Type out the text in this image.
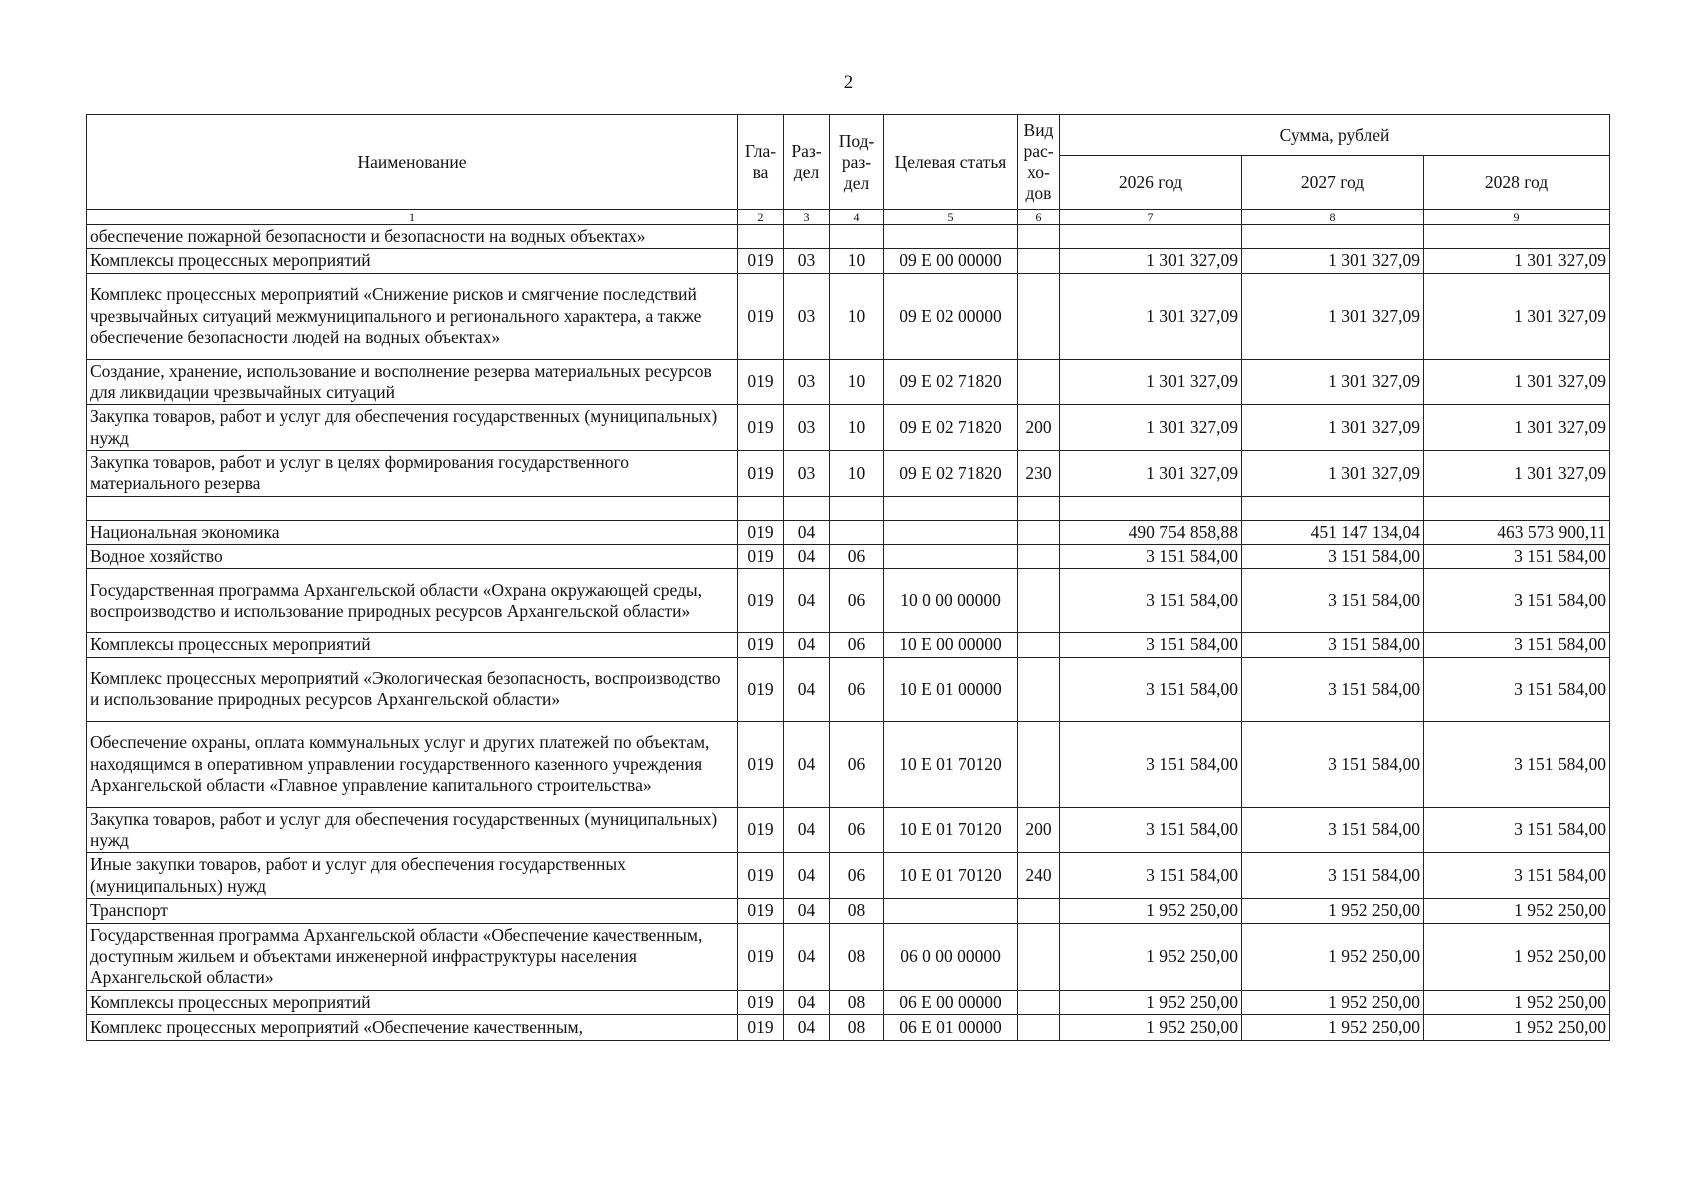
2
Наименование	Гла-ва	Раз-дел	Под-раз-дел	Целевая статья	Вид рас-хо-дов	Сумма, рублей		
						2026 год	2027 год	2028 год
1	2	3	4	5	6	7	8	9
обеспечение пожарной безопасности и безопасности на водных объектах»								
Комплексы процессных мероприятий	019	03	10	09 Е 00 00000		1 301 327,09	1 301 327,09	1 301 327,09
Комплекс процессных мероприятий «Снижение рисков и смягчение последствий чрезвычайных ситуаций межмуниципального и регионального характера, а также обеспечение безопасности людей на водных объектах»	019	03	10	09 Е 02 00000		1 301 327,09	1 301 327,09	1 301 327,09
Создание, хранение, использование и восполнение резерва материальных ресурсов для ликвидации чрезвычайных ситуаций	019	03	10	09 Е 02 71820		1 301 327,09	1 301 327,09	1 301 327,09
Закупка товаров, работ и услуг для обеспечения государственных (муниципальных) нужд	019	03	10	09 Е 02 71820	200	1 301 327,09	1 301 327,09	1 301 327,09
Закупка товаров, работ и услуг в целях формирования государственного материального резерва	019	03	10	09 Е 02 71820	230	1 301 327,09	1 301 327,09	1 301 327,09

Национальная экономика	019	04				490 754 858,88	451 147 134,04	463 573 900,11
Водное хозяйство	019	04	06			3 151 584,00	3 151 584,00	3 151 584,00
Государственная программа Архангельской области «Охрана окружающей среды, воспроизводство и использование природных ресурсов Архангельской области»	019	04	06	10 0 00 00000		3 151 584,00	3 151 584,00	3 151 584,00
Комплексы процессных мероприятий	019	04	06	10 Е 00 00000		3 151 584,00	3 151 584,00	3 151 584,00
Комплекс процессных мероприятий «Экологическая безопасность, воспроизводство и использование природных ресурсов Архангельской области»	019	04	06	10 Е 01 00000		3 151 584,00	3 151 584,00	3 151 584,00
Обеспечение охраны, оплата коммунальных услуг и других платежей по объектам, находящимся в оперативном управлении государственного казенного учреждения Архангельской области «Главное управление капитального строительства»	019	04	06	10 Е 01 70120		3 151 584,00	3 151 584,00	3 151 584,00
Закупка товаров, работ и услуг для обеспечения государственных (муниципальных) нужд	019	04	06	10 Е 01 70120	200	3 151 584,00	3 151 584,00	3 151 584,00
Иные закупки товаров, работ и услуг для обеспечения государственных (муниципальных) нужд	019	04	06	10 Е 01 70120	240	3 151 584,00	3 151 584,00	3 151 584,00
Транспорт	019	04	08			1 952 250,00	1 952 250,00	1 952 250,00
Государственная программа Архангельской области «Обеспечение качественным, доступным жильем и объектами инженерной инфраструктуры населения Архангельской области»	019	04	08	06 0 00 00000		1 952 250,00	1 952 250,00	1 952 250,00
Комплексы процессных мероприятий	019	04	08	06 Е 00 00000		1 952 250,00	1 952 250,00	1 952 250,00
Комплекс процессных мероприятий «Обеспечение качественным,	019	04	08	06 Е 01 00000		1 952 250,00	1 952 250,00	1 952 250,00
